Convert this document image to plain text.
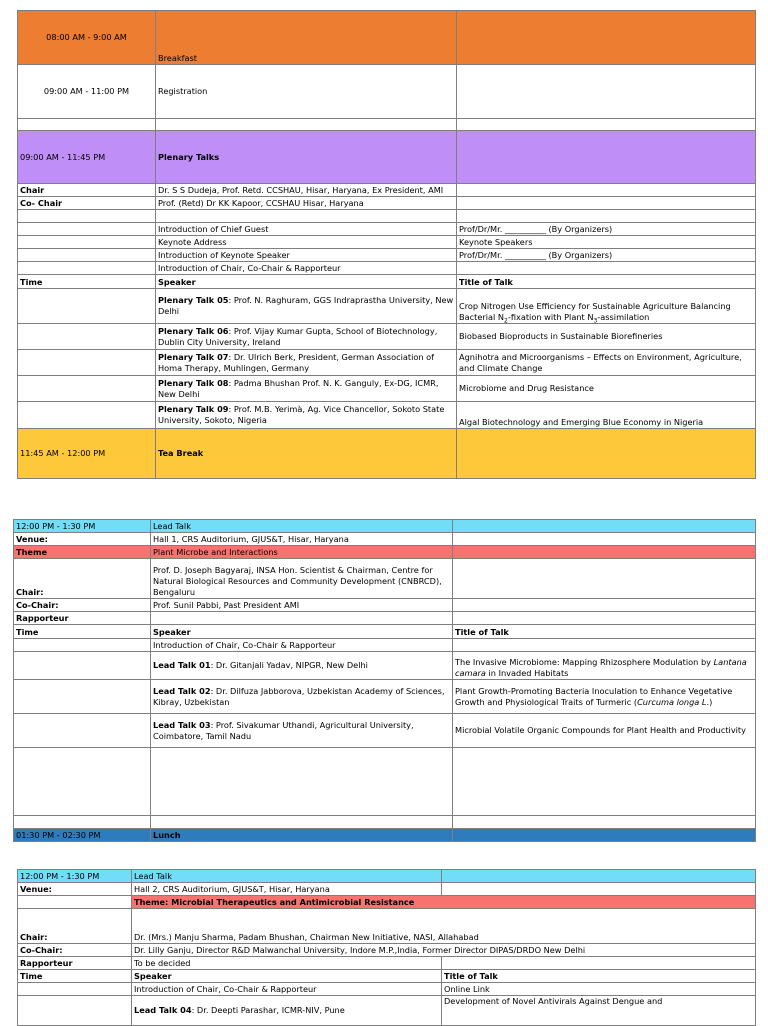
08:00 AM - 9:00 AM	Breakfast	
09:00 AM - 11:00 PM	Registration	

09:00 AM - 11:45 PM	Plenary Talks	
Chair	Dr. S S Dudeja, Prof. Retd. CCSHAU, Hisar, Haryana, Ex President, AMI	
Co- Chair	Prof. (Retd) Dr KK Kapoor, CCSHAU Hisar, Haryana	

	Introduction of Chief Guest	Prof/Dr/Mr. __________ (By Organizers)
	Keynote Address	Keynote Speakers
	Introduction of Keynote Speaker	Prof/Dr/Mr. __________ (By Organizers)
	Introduction of Chair, Co-Chair & Rapporteur	
Time	Speaker	Title of Talk
	Plenary Talk 05: Prof. N. Raghuram, GGS Indraprastha University, New Delhi	Crop Nitrogen Use Efficiency for Sustainable Agriculture Balancing Bacterial $N_2$-fixation with Plant $N_3$-assimilation
	Plenary Talk 06: Prof. Vijay Kumar Gupta, School of Biotechnology, Dublin City University, Ireland	Biobased Bioproducts in Sustainable Biorefineries
	Plenary Talk 07: Dr. Ulrich Berk, President, German Association of Homa Therapy, Muhlingen, Germany	Agnihotra and Microorganisms – Effects on Environment, Agriculture, and Climate Change
	Plenary Talk 08: Padma Bhushan Prof. N. K. Ganguly, Ex-DG, ICMR, New Delhi	Microbiome and Drug Resistance
	Plenary Talk 09: Prof. M.B. Yerimà, Ag. Vice Chancellor, Sokoto State University, Sokoto, Nigeria	Algal Biotechnology and Emerging Blue Economy in Nigeria
11:45 AM - 12:00 PM	Tea Break	
12:00 PM - 1:30 PM	Lead Talk	
Venue:	Hall 1, CRS Auditorium, GJUS&T, Hisar, Haryana	
Theme	Plant Microbe and Interactions	
Chair:	Prof. D. Joseph Bagyaraj, INSA Hon. Scientist & Chairman, Centre for Natural Biological Resources and Community Development (CNBRCD), Bengaluru	
Co-Chair:	Prof. Sunil Pabbi, Past President AMI	
Rapporteur		
Time	Speaker	Title of Talk
	Introduction of Chair, Co-Chair & Rapporteur	
	Lead Talk 01: Dr. Gitanjali Yadav, NIPGR, New Delhi	The Invasive Microbiome: Mapping Rhizosphere Modulation by Lantana camara in Invaded Habitats
	Lead Talk 02: Dr. Dilfuza Jabborova, Uzbekistan Academy of Sciences, Kibray, Uzbekistan	Plant Growth-Promoting Bacteria Inoculation to Enhance Vegetative Growth and Physiological Traits of Turmeric (Curcuma longa L.)
	Lead Talk 03: Prof. Sivakumar Uthandi, Agricultural University, Coimbatore, Tamil Nadu	Microbial Volatile Organic Compounds for Plant Health and Productivity

01:30 PM - 02:30 PM	Lunch	
12:00 PM - 1:30 PM	Lead Talk	
Venue:	Hall 2, CRS Auditorium, GJUS&T, Hisar, Haryana	
	Theme: Microbial Therapeutics and Antimicrobial Resistance	
Chair:	Dr. (Mrs.) Manju Sharma, Padam Bhushan, Chairman New Initiative, NASI, Allahabad	
Co-Chair:	Dr. Lilly Ganju, Director R&D Malwanchal University, Indore M.P.,India, Former Director DIPAS/DRDO New Delhi	
Rapporteur	To be decided	
Time	Speaker	Title of Talk
	Introduction of Chair, Co-Chair & Rapporteur	Online Link
	Lead Talk 04: Dr. Deepti Parashar, ICMR-NIV, Pune	Development of Novel Antivirals Against Dengue and
